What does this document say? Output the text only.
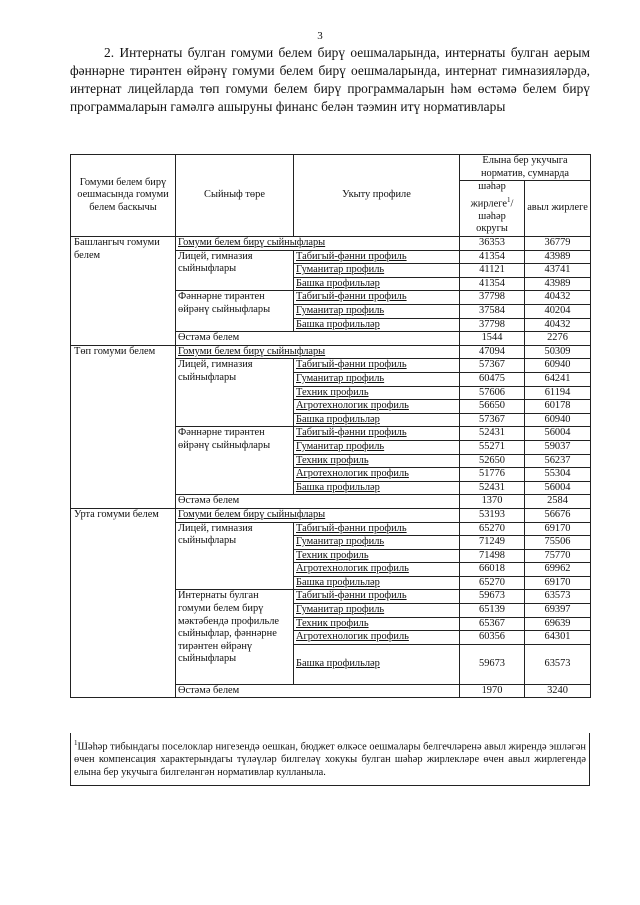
3

2. Интернаты булган гомуми белем бирү оешмаларында, интернаты булган аерым фәннәрне тирәнтен өйрәнү гомуми белем бирү оешмаларында, интернат гимназияләрдә, интернат лицейларда төп гомуми белем бирү программаларын һәм өстәмә белем бирү программаларын гамәлгә ашыруны финанс белән тәэмин итү нормативлары

Гомуми белем бирү оешмасында гомуми белем баскычы	Сыйныф төре	Укыту профиле	Елына бер укучыга норматив, сумнарда	
			шәһәр жирлеге$^1$/ шәһәр округы	авыл жирлеге
Башлангыч гомуми белем	Гомуми белем бирү сыйныфлары		36353	36779
	Лицей, гимназия сыйныфлары	Табигый-фәнни профиль	41354	43989
		Гуманитар профиль	41121	43741
		Башка профильләр	41354	43989
	Фәннәрне тирәнтен өйрәнү сыйныфлары	Табигый-фәнни профиль	37798	40432
		Гуманитар профиль	37584	40204
		Башка профильләр	37798	40432
	Өстәмә белем		1544	2276
Төп гомуми белем	Гомуми белем бирү сыйныфлары		47094	50309
	Лицей, гимназия сыйныфлары	Табигый-фәнни профиль	57367	60940
		Гуманитар профиль	60475	64241
		Техник профиль	57606	61194
		Агротехнологик профиль	56650	60178
		Башка профильләр	57367	60940
	Фәннәрне тирәнтен өйрәнү сыйныфлары	Табигый-фәнни профиль	52431	56004
		Гуманитар профиль	55271	59037
		Техник профиль	52650	56237
		Агротехнологик профиль	51776	55304
		Башка профильләр	52431	56004
	Өстәмә белем		1370	2584
Урта гомуми белем	Гомуми белем бирү сыйныфлары		53193	56676
	Лицей, гимназия сыйныфлары	Табигый-фәнни профиль	65270	69170
		Гуманитар профиль	71249	75506
		Техник профиль	71498	75770
		Агротехнологик профиль	66018	69962
		Башка профильләр	65270	69170
	Интернаты булган гомуми белем бирү мәктәбендә профильле сыйныфлар, фәннәрне тирәнтен өйрәнү сыйныфлары	Табигый-фәнни профиль	59673	63573
		Гуманитар профиль	65139	69397
		Техник профиль	65367	69639
		Агротехнологик профиль	60356	64301
		Башка профильләр	59673	63573
	Өстәмә белем		1970	3240

$^1$Шәһәр тибындагы поселоклар нигезендә оешкан, бюджет өлкәсе оешмалары белгечләренә авыл жирендә эшләгән өчен компенсация характерындагы түләүләр билгеләү хокукы булган шәһәр жирлекләре өчен авыл жирлегендә елына бер укучыга билгеләнгән нормативлар кулланыла.
